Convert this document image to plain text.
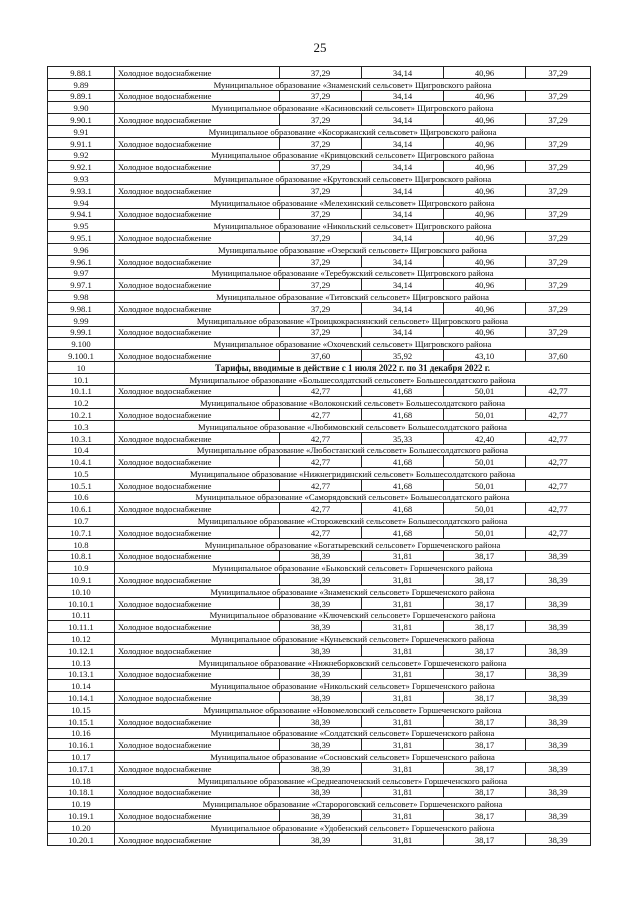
25
9.88.1	Холодное водоснабжение	37,29	34,14	40,96	37,29
9.89	Муниципальное образование «Знаменский сельсовет» Щигровского района				
9.89.1	Холодное водоснабжение	37,29	34,14	40,96	37,29
9.90	Муниципальное образование «Касиновский сельсовет» Щигровского района				
9.90.1	Холодное водоснабжение	37,29	34,14	40,96	37,29
9.91	Муниципальное образование «Косоржанский сельсовет» Щигровского района				
9.91.1	Холодное водоснабжение	37,29	34,14	40,96	37,29
9.92	Муниципальное образование «Кривцовский сельсовет» Щигровского района				
9.92.1	Холодное водоснабжение	37,29	34,14	40,96	37,29
9.93	Муниципальное образование «Крутовский сельсовет» Щигровского района				
9.93.1	Холодное водоснабжение	37,29	34,14	40,96	37,29
9.94	Муниципальное образование «Мелехинский сельсовет» Щигровского района				
9.94.1	Холодное водоснабжение	37,29	34,14	40,96	37,29
9.95	Муниципальное образование «Никольский сельсовет» Щигровского района				
9.95.1	Холодное водоснабжение	37,29	34,14	40,96	37,29
9.96	Муниципальное образование «Озерский сельсовет» Щигровского района				
9.96.1	Холодное водоснабжение	37,29	34,14	40,96	37,29
9.97	Муниципальное образование «Теребужский сельсовет» Щигровского района				
9.97.1	Холодное водоснабжение	37,29	34,14	40,96	37,29
9.98	Муниципальное образование «Титовский сельсовет» Щигровского района				
9.98.1	Холодное водоснабжение	37,29	34,14	40,96	37,29
9.99	Муниципальное образование «Троицкокраснянский сельсовет» Щигровского района				
9.99.1	Холодное водоснабжение	37,29	34,14	40,96	37,29
9.100	Муниципальное образование «Охочевский сельсовет» Щигровского района				
9.100.1	Холодное водоснабжение	37,60	35,92	43,10	37,60
10	Тарифы, вводимые в действие с 1 июля 2022 г. по 31 декабря 2022 г.				
10.1	Муниципальное образование «Большесолдатский сельсовет» Большесолдатского района				
10.1.1	Холодное водоснабжение	42,77	41,68	50,01	42,77
10.2	Муниципальное образование «Волоконский сельсовет» Большесолдатского района				
10.2.1	Холодное водоснабжение	42,77	41,68	50,01	42,77
10.3	Муниципальное образование «Любимовский сельсовет» Большесолдатского района				
10.3.1	Холодное водоснабжение	42,77	35,33	42,40	42,77
10.4	Муниципальное образование «Любостанский сельсовет» Большесолдатского района				
10.4.1	Холодное водоснабжение	42,77	41,68	50,01	42,77
10.5	Муниципальное образование «Нижнегридинский сельсовет» Большесолдатского района				
10.5.1	Холодное водоснабжение	42,77	41,68	50,01	42,77
10.6	Муниципальное образование «Саморядовский сельсовет» Большесолдатского района				
10.6.1	Холодное водоснабжение	42,77	41,68	50,01	42,77
10.7	Муниципальное образование «Сторожевский сельсовет» Большесолдатского района				
10.7.1	Холодное водоснабжение	42,77	41,68	50,01	42,77
10.8	Муниципальное образование «Богатыревский сельсовет» Горшеченского района				
10.8.1	Холодное водоснабжение	38,39	31,81	38,17	38,39
10.9	Муниципальное образование «Быковский сельсовет» Горшеченского района				
10.9.1	Холодное водоснабжение	38,39	31,81	38,17	38,39
10.10	Муниципальное образование «Знаменский сельсовет» Горшеченского района				
10.10.1	Холодное водоснабжение	38,39	31,81	38,17	38,39
10.11	Муниципальное образование «Ключевский сельсовет» Горшеченского района				
10.11.1	Холодное водоснабжение	38,39	31,81	38,17	38,39
10.12	Муниципальное образование «Куньевский сельсовет» Горшеченского района				
10.12.1	Холодное водоснабжение	38,39	31,81	38,17	38,39
10.13	Муниципальное образование «Нижнеборковский сельсовет» Горшеченского района				
10.13.1	Холодное водоснабжение	38,39	31,81	38,17	38,39
10.14	Муниципальное образование «Никольский сельсовет» Горшеченского района				
10.14.1	Холодное водоснабжение	38,39	31,81	38,17	38,39
10.15	Муниципальное образование «Новомеловский сельсовет» Горшеченского района				
10.15.1	Холодное водоснабжение	38,39	31,81	38,17	38,39
10.16	Муниципальное образование «Солдатский сельсовет» Горшеченского района				
10.16.1	Холодное водоснабжение	38,39	31,81	38,17	38,39
10.17	Муниципальное образование «Сосновский сельсовет» Горшеченского района				
10.17.1	Холодное водоснабжение	38,39	31,81	38,17	38,39
10.18	Муниципальное образование «Среднеапоченский сельсовет» Горшеченского района				
10.18.1	Холодное водоснабжение	38,39	31,81	38,17	38,39
10.19	Муниципальное образование «Старороговский сельсовет» Горшеченского района				
10.19.1	Холодное водоснабжение	38,39	31,81	38,17	38,39
10.20	Муниципальное образование «Удобенский сельсовет» Горшеченского района				
10.20.1	Холодное водоснабжение	38,39	31,81	38,17	38,39
